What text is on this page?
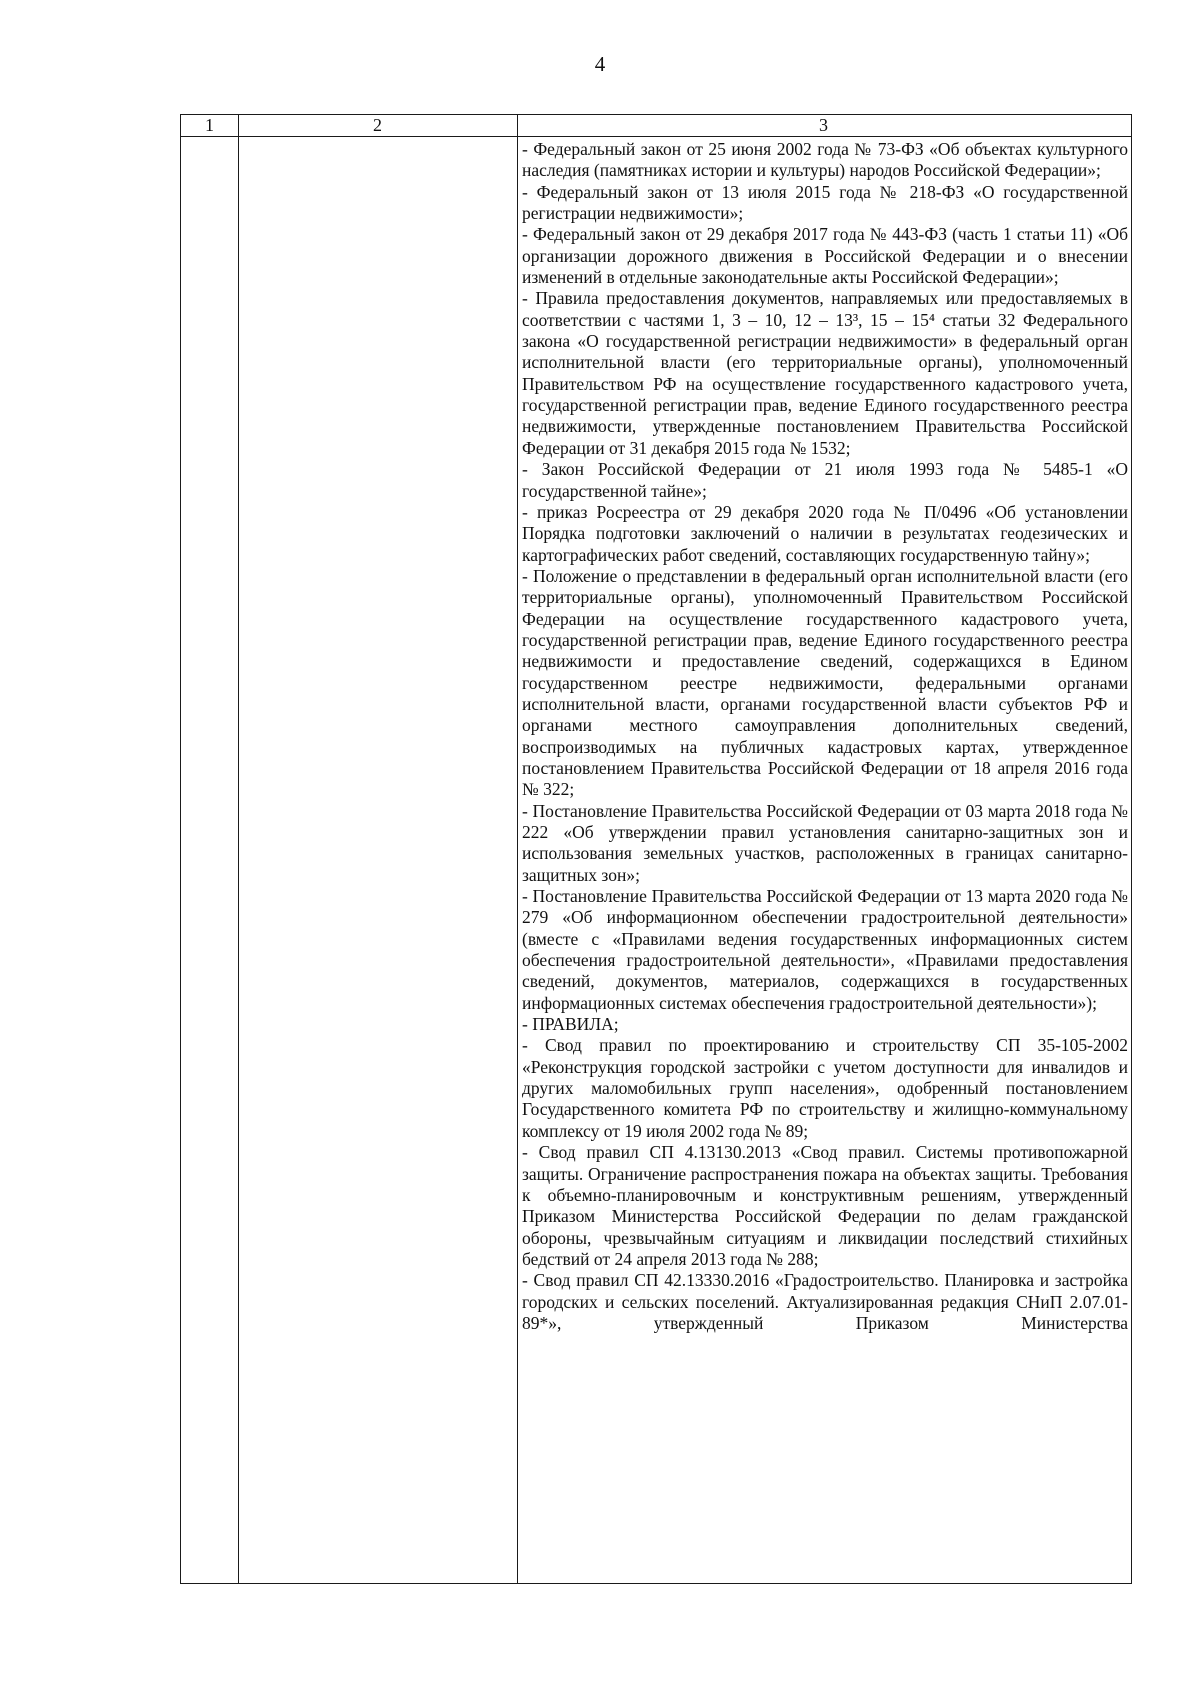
4
1	2	3

- Федеральный закон от 25 июня 2002 года № 73-ФЗ «Об объектах культурного наследия (памятниках истории и культуры) народов Российской Федерации»;

- Федеральный закон от 13 июля 2015 года № 218-ФЗ «О государственной регистрации недвижимости»;

- Федеральный закон от 29 декабря 2017 года № 443-ФЗ (часть 1 статьи 11) «Об организации дорожного движения в Российской Федерации и о внесении изменений в отдельные законодательные акты Российской Федерации»;

- Правила предоставления документов, направляемых или предоставляемых в соответствии с частями 1, 3 – 10, 12 – 13³, 15 – 15⁴ статьи 32 Федерального закона «О государственной регистрации недвижимости» в федеральный орган исполнительной власти (его территориальные органы), уполномоченный Правительством РФ на осуществление государственного кадастрового учета, государственной регистрации прав, ведение Единого государственного реестра недвижимости, утвержденные постановлением Правительства Российской Федерации от 31 декабря 2015 года № 1532;

- Закон Российской Федерации от 21 июля 1993 года № 5485-1 «О государственной тайне»;

- приказ Росреестра от 29 декабря 2020 года № П/0496 «Об установлении Порядка подготовки заключений о наличии в результатах геодезических и картографических работ сведений, составляющих государственную тайну»;

- Положение о представлении в федеральный орган исполнительной власти (его территориальные органы), уполномоченный Правительством Российской Федерации на осуществление государственного кадастрового учета, государственной регистрации прав, ведение Единого государственного реестра недвижимости и предоставление сведений, содержащихся в Едином государственном реестре недвижимости, федеральными органами исполнительной власти, органами государственной власти субъектов РФ и органами местного самоуправления дополнительных сведений, воспроизводимых на публичных кадастровых картах, утвержденное постановлением Правительства Российской Федерации от 18 апреля 2016 года № 322;

- Постановление Правительства Российской Федерации от 03 марта 2018 года № 222 «Об утверждении правил установления санитарно-защитных зон и использования земельных участков, расположенных в границах санитарно-защитных зон»;

- Постановление Правительства Российской Федерации от 13 марта 2020 года № 279 «Об информационном обеспечении градостроительной деятельности» (вместе с «Правилами ведения государственных информационных систем обеспечения градостроительной деятельности», «Правилами предоставления сведений, документов, материалов, содержащихся в государственных информационных системах обеспечения градостроительной деятельности»);

- ПРАВИЛА;

- Свод правил по проектированию и строительству СП 35-105-2002 «Реконструкция городской застройки с учетом доступности для инвалидов и других маломобильных групп населения», одобренный постановлением Государственного комитета РФ по строительству и жилищно-коммунальному комплексу от 19 июля 2002 года № 89;

- Свод правил СП 4.13130.2013 «Свод правил. Системы противопожарной защиты. Ограничение распространения пожара на объектах защиты. Требования к объемно-планировочным и конструктивным решениям, утвержденный Приказом Министерства Российской Федерации по делам гражданской обороны, чрезвычайным ситуациям и ликвидации последствий стихийных бедствий от 24 апреля 2013 года № 288;

- Свод правил СП 42.13330.2016 «Градостроительство. Планировка и застройка городских и сельских поселений. Актуализированная редакция СНиП 2.07.01-89*», утвержденный Приказом Министерства
